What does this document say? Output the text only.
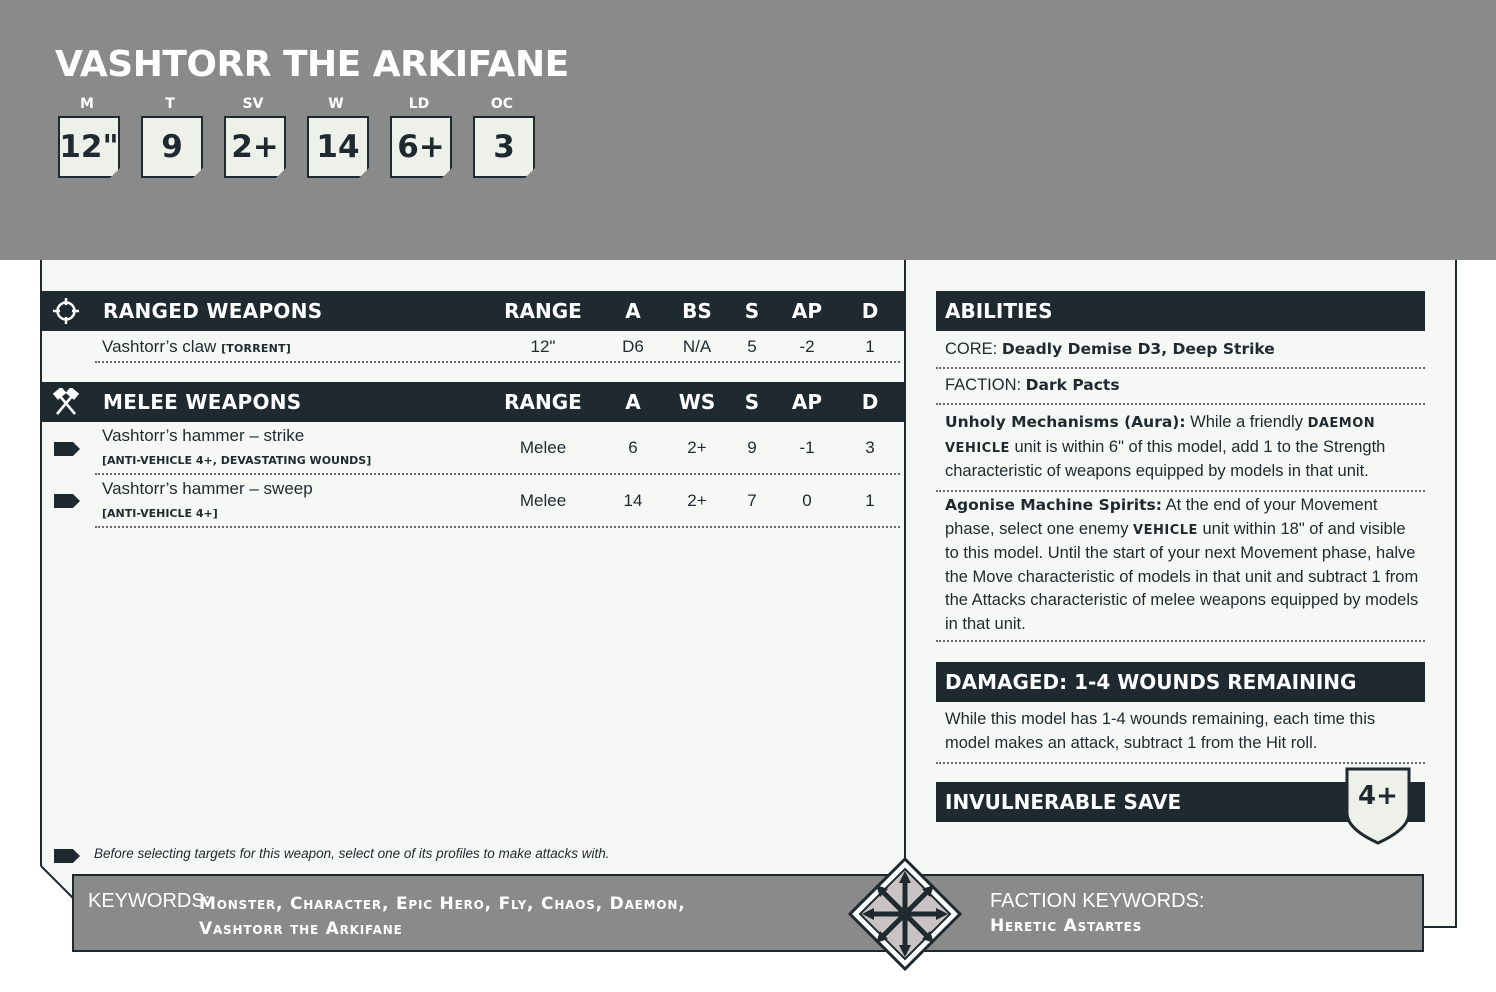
VASHTORR THE ARKIFANE
M
12"
T
9
SV
2+
W
14
LD
6+
OC
3
RANGED WEAPONS	RANGE A BS S AP D
Vashtorr’s claw [TORRENT]	12"	D6 N/A 5	-2	1
MELEE WEAPONS	RANGE A WS S AP D
Vashtorr’s hammer – strike
[ANTI-VEHICLE 4+, DEVASTATING WOUNDS]
Melee	6	2+ 9	-1	3
Vashtorr’s hammer – sweep
[ANTI-VEHICLE 4+]
Melee	14	2+ 7	0	1
Before selecting targets for this weapon, select one of its profiles to make attacks with.
ABILITIES
CORE: Deadly Demise D3, Deep Strike
FACTION: Dark Pacts
Unholy Mechanisms (Aura): While a friendly DAEMON VEHICLE unit is within 6" of this model, add 1 to the Strength characteristic of weapons equipped by models in that unit.
Agonise Machine Spirits: At the end of your Movement phase, select one enemy VEHICLE unit within 18" of and visible to this model. Until the start of your next Movement phase, halve the Move characteristic of models in that unit and subtract 1 from the Attacks characteristic of melee weapons equipped by models in that unit.
DAMAGED: 1-4 WOUNDS REMAINING
While this model has 1-4 wounds remaining, each time this model makes an attack, subtract 1 from the Hit roll.
INVULNERABLE SAVE	4+
KEYWORDS:
Monster, Character, Epic Hero, Fly, Chaos, Daemon,
Vashtorr the Arkifane
FACTION KEYWORDS:
Heretic Astartes
